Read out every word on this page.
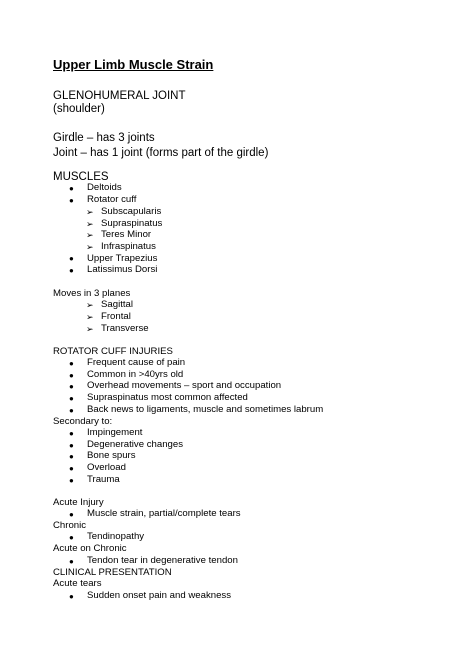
Upper Limb Muscle Strain
GLENOHUMERAL JOINT
(shoulder)
Girdle – has 3 joints
Joint – has 1 joint (forms part of the girdle)
MUSCLES
● Deltoids
● Rotator cuff
➢ Subscapularis
➢ Supraspinatus
➢ Teres Minor
➢ Infraspinatus
● Upper Trapezius
● Latissimus Dorsi
Moves in 3 planes
➢ Sagittal
➢ Frontal
➢ Transverse
ROTATOR CUFF INJURIES
● Frequent cause of pain
● Common in >40yrs old
● Overhead movements – sport and occupation
● Supraspinatus most common affected
● Back news to ligaments, muscle and sometimes labrum
Secondary to:
● Impingement
● Degenerative changes
● Bone spurs
● Overload
● Trauma
Acute Injury
● Muscle strain, partial/complete tears
Chronic
● Tendinopathy
Acute on Chronic
● Tendon tear in degenerative tendon
CLINICAL PRESENTATION
Acute tears
● Sudden onset pain and weakness
